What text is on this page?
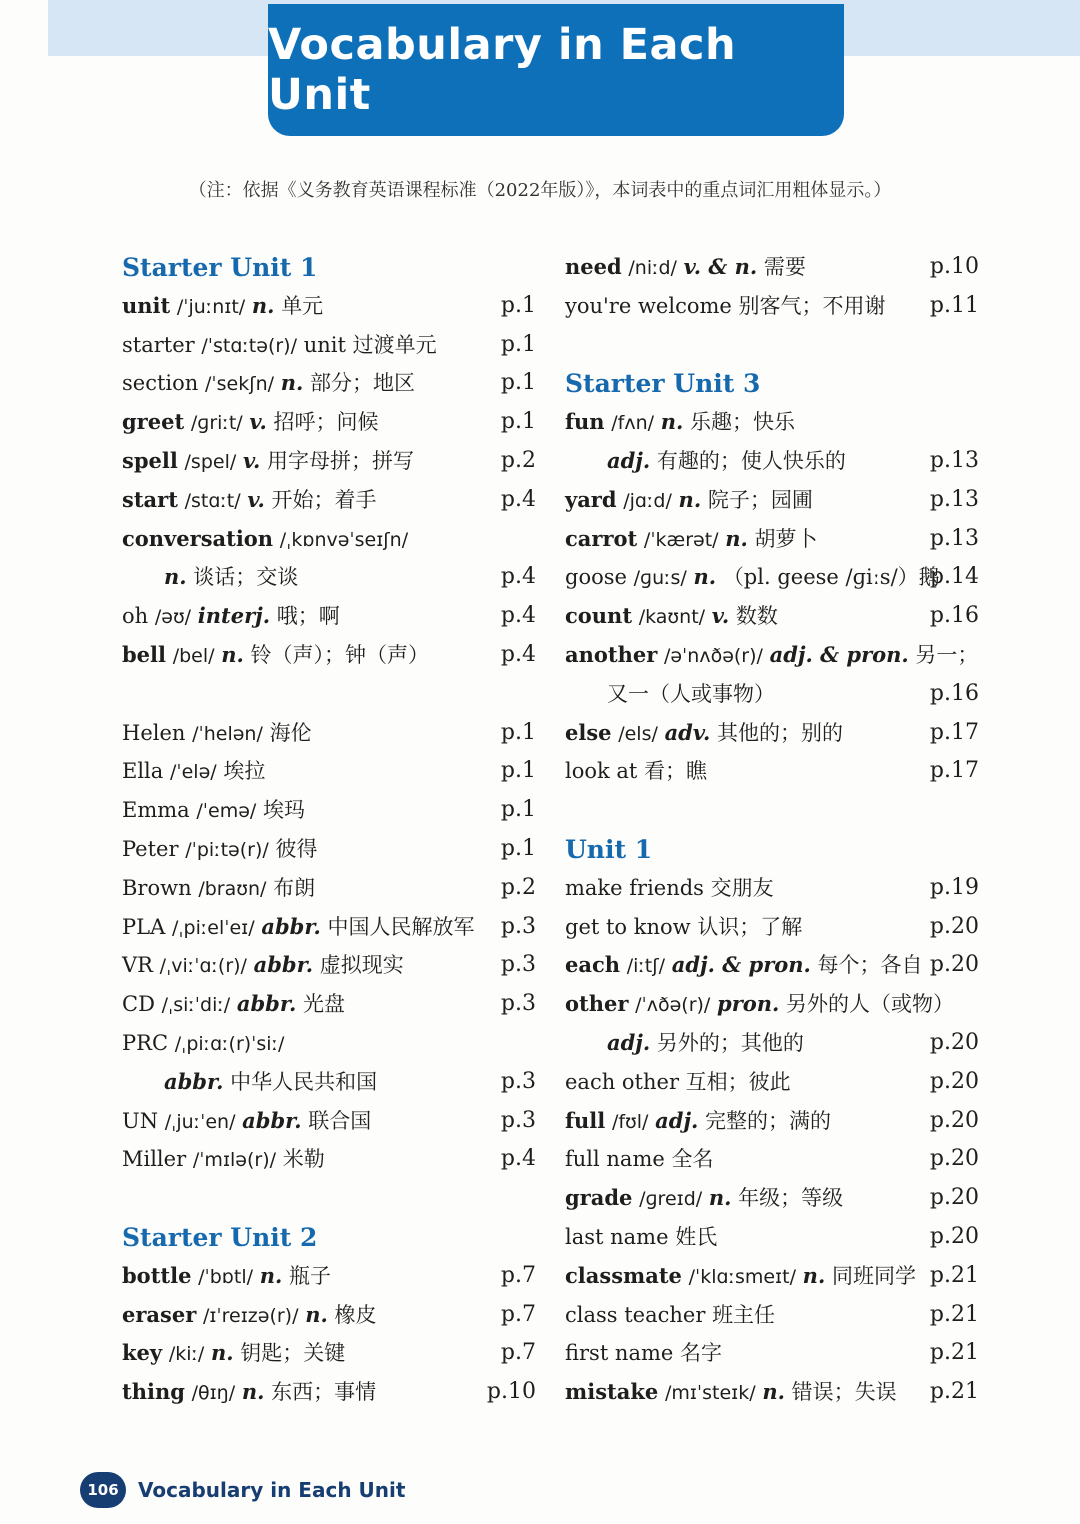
Vocabulary in Each Unit
（注：依据《义务教育英语课程标准（2022年版）》，本词表中的重点词汇用粗体显示。）
Starter Unit 1
unit /ˈjuːnɪt/ n. 单元	p.1
starter /ˈstɑːtə(r)/ unit 过渡单元	p.1
section /ˈsekʃn/ n. 部分；地区	p.1
greet /ɡriːt/ v. 招呼；问候	p.1
spell /spel/ v. 用字母拼；拼写	p.2
start /stɑːt/ v. 开始；着手	p.4
conversation /ˌkɒnvəˈseɪʃn/
n. 谈话；交谈	p.4
oh /əʊ/ interj. 哦；啊	p.4
bell /bel/ n. 铃（声）；钟（声）	p.4
Helen /ˈhelən/ 海伦	p.1
Ella /ˈelə/ 埃拉	p.1
Emma /ˈemə/ 埃玛	p.1
Peter /ˈpiːtə(r)/ 彼得	p.1
Brown /braʊn/ 布朗	p.2
PLA /ˌpiːelˈeɪ/ abbr. 中国人民解放军 p.3
VR /ˌviːˈɑː(r)/ abbr. 虚拟现实	p.3
CD /ˌsiːˈdiː/ abbr. 光盘	p.3
PRC /ˌpiːɑː(r)ˈsiː/
abbr. 中华人民共和国	p.3
UN /ˌjuːˈen/ abbr. 联合国	p.3
Miller /ˈmɪlə(r)/ 米勒	p.4
Starter Unit 2
bottle /ˈbɒtl/ n. 瓶子	p.7
eraser /ɪˈreɪzə(r)/ n. 橡皮	p.7
key /kiː/ n. 钥匙；关键	p.7
thing /θɪŋ/ n. 东西；事情	p.10
need /niːd/ v. & n. 需要	p.10
you're welcome 别客气；不用谢 p.11
Starter Unit 3
fun /fʌn/ n. 乐趣；快乐
adj. 有趣的；使人快乐的	p.13
yard /jɑːd/ n. 院子；园圃	p.13
carrot /ˈkærət/ n. 胡萝卜	p.13
goose /ɡuːs/ n. （pl. geese /ɡiːs/）鹅
p.14
count /kaʊnt/ v. 数数	p.16
another /əˈnʌðə(r)/ adj. & pron. 另一；
又一（人或事物）	p.16
else /els/ adv. 其他的；别的	p.17
look at 看；瞧	p.17
Unit 1
make friends 交朋友	p.19
get to know 认识；了解	p.20
each /iːtʃ/ adj. & pron. 每个；各自 p.20
other /ˈʌðə(r)/ pron. 另外的人（或物）
adj. 另外的；其他的	p.20
each other 互相；彼此	p.20
full /fʊl/ adj. 完整的；满的	p.20
full name 全名	p.20
grade /ɡreɪd/ n. 年级；等级	p.20
last name 姓氏	p.20
classmate /ˈklɑːsmeɪt/ n. 同班同学 p.21
class teacher 班主任	p.21
first name 名字	p.21
mistake /mɪˈsteɪk/ n. 错误；失误 p.21
106 Vocabulary in Each Unit
